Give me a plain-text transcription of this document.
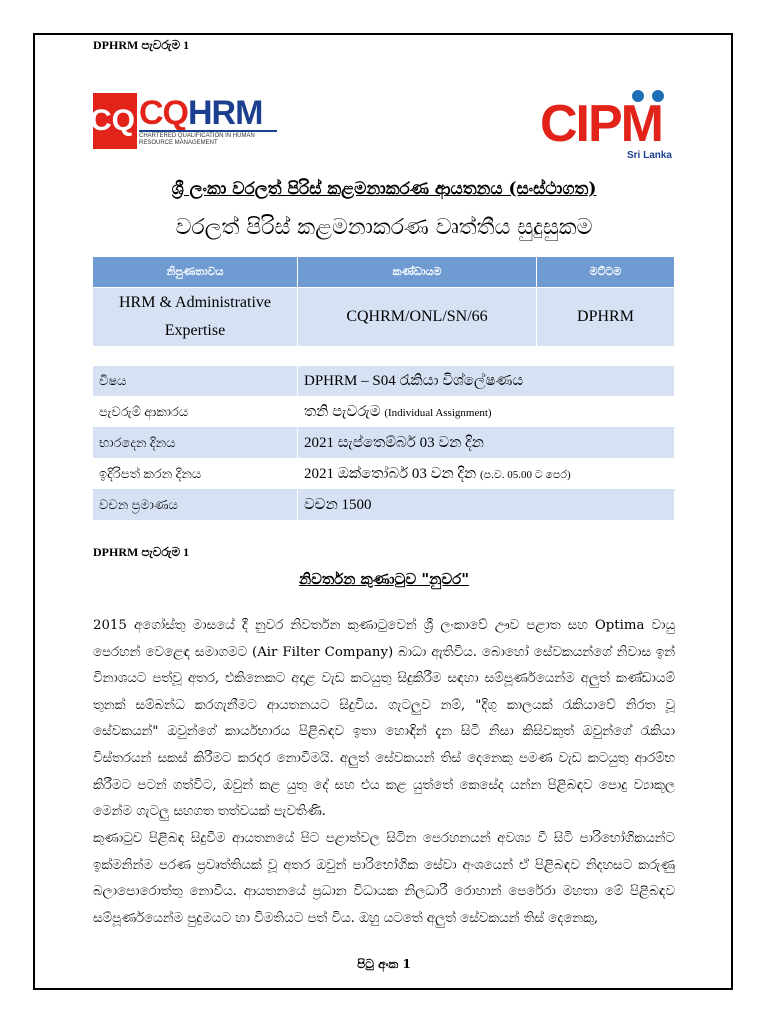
DPHRM පැවරුම 1
'CQ CQHRM
CHARTERED QUALIFICATION IN HUMAN RESOURCE MANAGEMENT	CIPM
Sri Lanka
ශ්‍රී ලංකා වරලත් පිරිස් කළමනාකරණ ආයතනය (සංස්ථාගත)
වරලත් පිරිස් කළමනාකරණ වෘත්තීය සුදුසුකම
නිපුණතාවය	කණ්ඩායම	මට්ටම
HRM & Administrative Expertise	CQHRM/ONL/SN/66	DPHRM

විෂය	DPHRM – S04 රැකියා විශ්ලේෂණය	
පැවරුම් ආකාරය	තනි පැවරුම (Individual Assignment)	
භාරදෙන දිනය	2021 සැප්තෙම්බර් 03 වන දින	
ඉදිරිපත් කරන දිනය	2021 ඔක්තෝබර් 03 වන දින (ප.ව. 05.00 ට පෙර)	
වචන ප්‍රමාණය	වචන 1500	
DPHRM පැවරුම 1
නිවර්තන කුණාටුව "නුවර"

2015 අගෝස්තු මාසයේ දී නුවර නිවර්තන කුණාටුවෙන් ශ්‍රී ලංකාවේ ඌව පළාත සහ Optima වායු පෙරහන් වෙළෙඳ සමාගමට (Air Filter Company) බාධා ඇතිවිය. බොහෝ සේවකයන්ගේ නිවාස ඉන් විනාශයට පත්වූ අතර, එකිනෙකට අදාළ වැඩ කටයුතු සිදුකිරීම සඳහා සම්පූර්ණයෙන්ම අලුත් කණ්ඩායම් තුනක් සම්බන්ධ කරගැනීමට ආයතනයට සිදුවිය. ගැටලුව නම්, "දිගු කාලයක් රැකියාවේ නිරත වූ සේවකයන්" ඔවුන්ගේ කාර්යභාරය පිළිබඳව ඉතා හොඳින් දැන සිටි නිසා කිසිවකුත් ඔවුන්ගේ රැකියා විස්තරයන් සකස් කිරීමට කරදර නොවීමයි. අලුත් සේවකයන් තිස් දෙනෙකු පමණ වැඩ කටයුතු ආරම්භ කිරීමට පටන් ගත්විට, ඔවුන් කළ යුතු දේ සහ එය කළ යුත්තේ කෙසේද යන්න පිළිබඳව පොදු ව්‍යාකූල මෙන්ම ගැටලු සහගත තත්වයක් පැවතිණි.

කුණාටුව පිළිබඳ සිදුවීම ආයතනයේ පිට පළාත්වල සිටින පෙරහනයන් අවශ්‍ය වී සිටි පාරිභෝගිකයන්ට ඉක්මනින්ම පරණ ප්‍රවෘත්තියක් වූ අතර ඔවුන් පාරිභෝගික සේවා අංශයෙන් ඒ පිළිබඳව නිදහසට කරුණු බලාපොරොත්තු නොවීය. ආයතනයේ ප්‍රධාන විධායක නිලධාරී රොහාන් පෙරේරා මහතා මේ පිළිබඳව සම්පූර්ණයෙන්ම පුදුමයට හා විමතියට පත් විය. ඔහු යටතේ අලුත් සේවකයන් තිස් දෙනෙකු,

පිටු අංක 1
